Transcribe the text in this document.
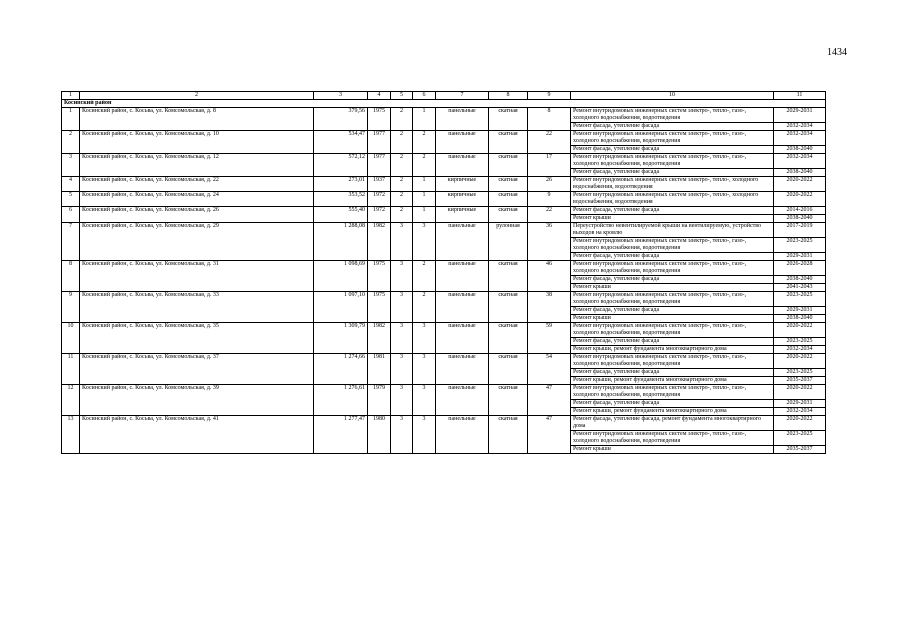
1434
1	2	3	4	5	6	7	8	9	10	11
Косинский район										
1	Косинский район, с. Косьва, ул. Комсомольская, д. 8	379,56	1975	2	1	панельные	скатная	8	Ремонт внутридомовых инженерных систем электро-, тепло-, газо-, холодного водоснабжения, водоотведения	2029-2031
									Ремонт фасада, утепление фасада	2032-2034
2	Косинский район, с. Косьва, ул. Комсомольская, д. 10	534,47	1977	2	2	панельные	скатная	22	Ремонт внутридомовых инженерных систем электро-, тепло-, газо-, холодного водоснабжения, водоотведения	2032-2034
									Ремонт фасада, утепление фасада	2038-2040
3	Косинский район, с. Косьва, ул. Комсомольская, д. 12	572,12	1977	2	2	панельные	скатная	17	Ремонт внутридомовых инженерных систем электро-, тепло-, газо-, холодного водоснабжения, водоотведения	2032-2034
									Ремонт фасада, утепление фасада	2038-2040
4	Косинский район, с. Косьва, ул. Комсомольская, д. 22	273,01	1937	2	1	кирпичные	скатная	26	Ремонт внутридомовых инженерных систем электро-, тепло-, холодного водоснабжения, водоотведения	2020-2022
5	Косинский район, с. Косьва, ул. Комсомольская, д. 24	353,52	1972	2	1	кирпичные	скатная	9	Ремонт внутридомовых инженерных систем электро-, тепло-, холодного водоснабжения, водоотведения	2020-2022
6	Косинский район, с. Косьва, ул. Комсомольская, д. 26	555,40	1972	2	1	кирпичные	скатная	22	Ремонт фасада, утепление фасада	2014-2016
									Ремонт крыши	2038-2040
7	Косинский район, с. Косьва, ул. Комсомольская, д. 29	1 288,08	1982	3	3	панельные	рулонная	36	Переустройство невентилируемой крыши на вентилируемую, устройство выходов на кровлю	2017-2019
									Ремонт внутридомовых инженерных систем электро-, тепло-, газо-, холодного водоснабжения, водоотведения	2023-2025
									Ремонт фасада, утепление фасада	2029-2031
8	Косинский район, с. Косьва, ул. Комсомольская, д. 31	1 098,69	1975	3	2	панельные	скатная	46	Ремонт внутридомовых инженерных систем электро-, тепло-, газо-, холодного водоснабжения, водоотведения	2026-2028
									Ремонт фасада, утепление фасада	2038-2040
									Ремонт крыши	2041-2043
9	Косинский район, с. Косьва, ул. Комсомольская, д. 33	1 097,10	1975	3	2	панельные	скатная	38	Ремонт внутридомовых инженерных систем электро-, тепло-, газо-, холодного водоснабжения, водоотведения	2023-2025
									Ремонт фасада, утепление фасада	2029-2031
									Ремонт крыши	2038-2040
10	Косинский район, с. Косьва, ул. Комсомольская, д. 35	1 309,79	1982	3	3	панельные	скатная	59	Ремонт внутридомовых инженерных систем электро-, тепло-, газо-, холодного водоснабжения, водоотведения	2020-2022
									Ремонт фасада, утепление фасада	2023-2025
									Ремонт крыши, ремонт фундамента многоквартирного дома	2032-2034
11	Косинский район, с. Косьва, ул. Комсомольская, д. 37	1 274,66	1981	3	3	панельные	скатная	54	Ремонт внутридомовых инженерных систем электро-, тепло-, газо-, холодного водоснабжения, водоотведения	2020-2022
									Ремонт фасада, утепление фасада	2023-2025
									Ремонт крыши, ремонт фундамента многоквартирного дома	2035-2037
12	Косинский район, с. Косьва, ул. Комсомольская, д. 39	1 276,61	1979	3	3	панельные	скатная	47	Ремонт внутридомовых инженерных систем электро-, тепло-, газо-, холодного водоснабжения, водоотведения	2020-2022
									Ремонт фасада, утепление фасада	2029-2031
									Ремонт крыши, ремонт фундамента многоквартирного дома	2032-2034
13	Косинский район, с. Косьва, ул. Комсомольская, д. 41	1 277,47	1980	3	3	панельные	скатная	47	Ремонт фасада, утепление фасада, ремонт фундамента многоквартирного дома	2020-2022
									Ремонт внутридомовых инженерных систем электро-, тепло-, газо-, холодного водоснабжения, водоотведения	2023-2025
									Ремонт крыши	2035-2037
